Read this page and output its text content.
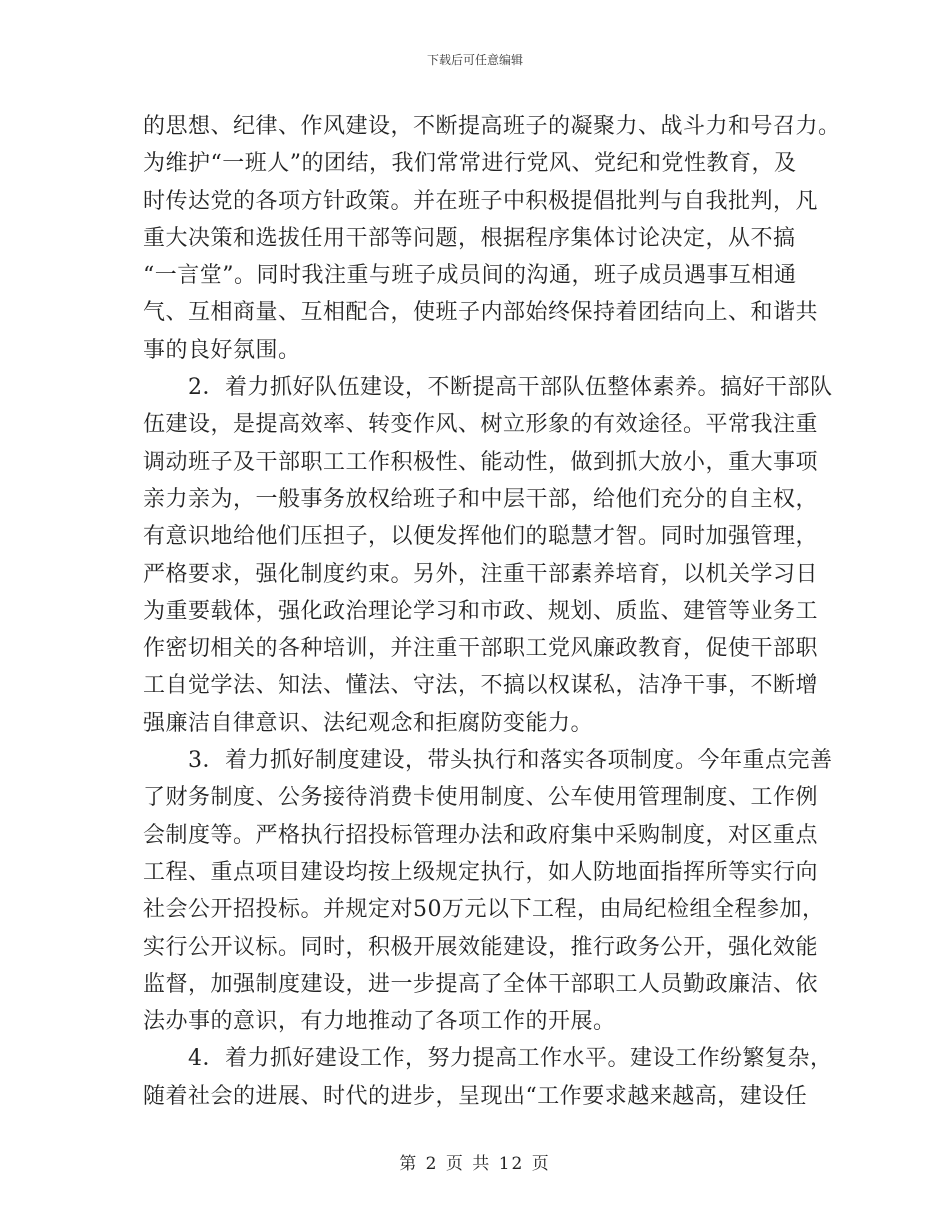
下载后可任意编辑
的思想、纪律、作风建设，不断提高班子的凝聚力、战斗力和号召力。
为维护“一班人”的团结，我们常常进行党风、党纪和党性教育，及
时传达党的各项方针政策。并在班子中积极提倡批判与自我批判，凡
重大决策和选拔任用干部等问题，根据程序集体讨论决定，从不搞
“一言堂”。同时我注重与班子成员间的沟通，班子成员遇事互相通
气、互相商量、互相配合，使班子内部始终保持着团结向上、和谐共
事的良好氛围。
　　2．着力抓好队伍建设，不断提高干部队伍整体素养。搞好干部队
伍建设，是提高效率、转变作风、树立形象的有效途径。平常我注重
调动班子及干部职工工作积极性、能动性，做到抓大放小，重大事项
亲力亲为，一般事务放权给班子和中层干部，给他们充分的自主权，
有意识地给他们压担子，以便发挥他们的聪慧才智。同时加强管理，
严格要求，强化制度约束。另外，注重干部素养培育，以机关学习日
为重要载体，强化政治理论学习和市政、规划、质监、建管等业务工
作密切相关的各种培训，并注重干部职工党风廉政教育，促使干部职
工自觉学法、知法、懂法、守法，不搞以权谋私，洁净干事，不断增
强廉洁自律意识、法纪观念和拒腐防变能力。
　　3．着力抓好制度建设，带头执行和落实各项制度。今年重点完善
了财务制度、公务接待消费卡使用制度、公车使用管理制度、工作例
会制度等。严格执行招投标管理办法和政府集中采购制度，对区重点
工程、重点项目建设均按上级规定执行，如人防地面指挥所等实行向
社会公开招投标。并规定对50万元以下工程，由局纪检组全程参加，
实行公开议标。同时，积极开展效能建设，推行政务公开，强化效能
监督，加强制度建设，进一步提高了全体干部职工人员勤政廉洁、依
法办事的意识，有力地推动了各项工作的开展。
　　4．着力抓好建设工作，努力提高工作水平。建设工作纷繁复杂，
随着社会的进展、时代的进步，呈现出“工作要求越来越高，建设任
第 2 页 共 12 页
